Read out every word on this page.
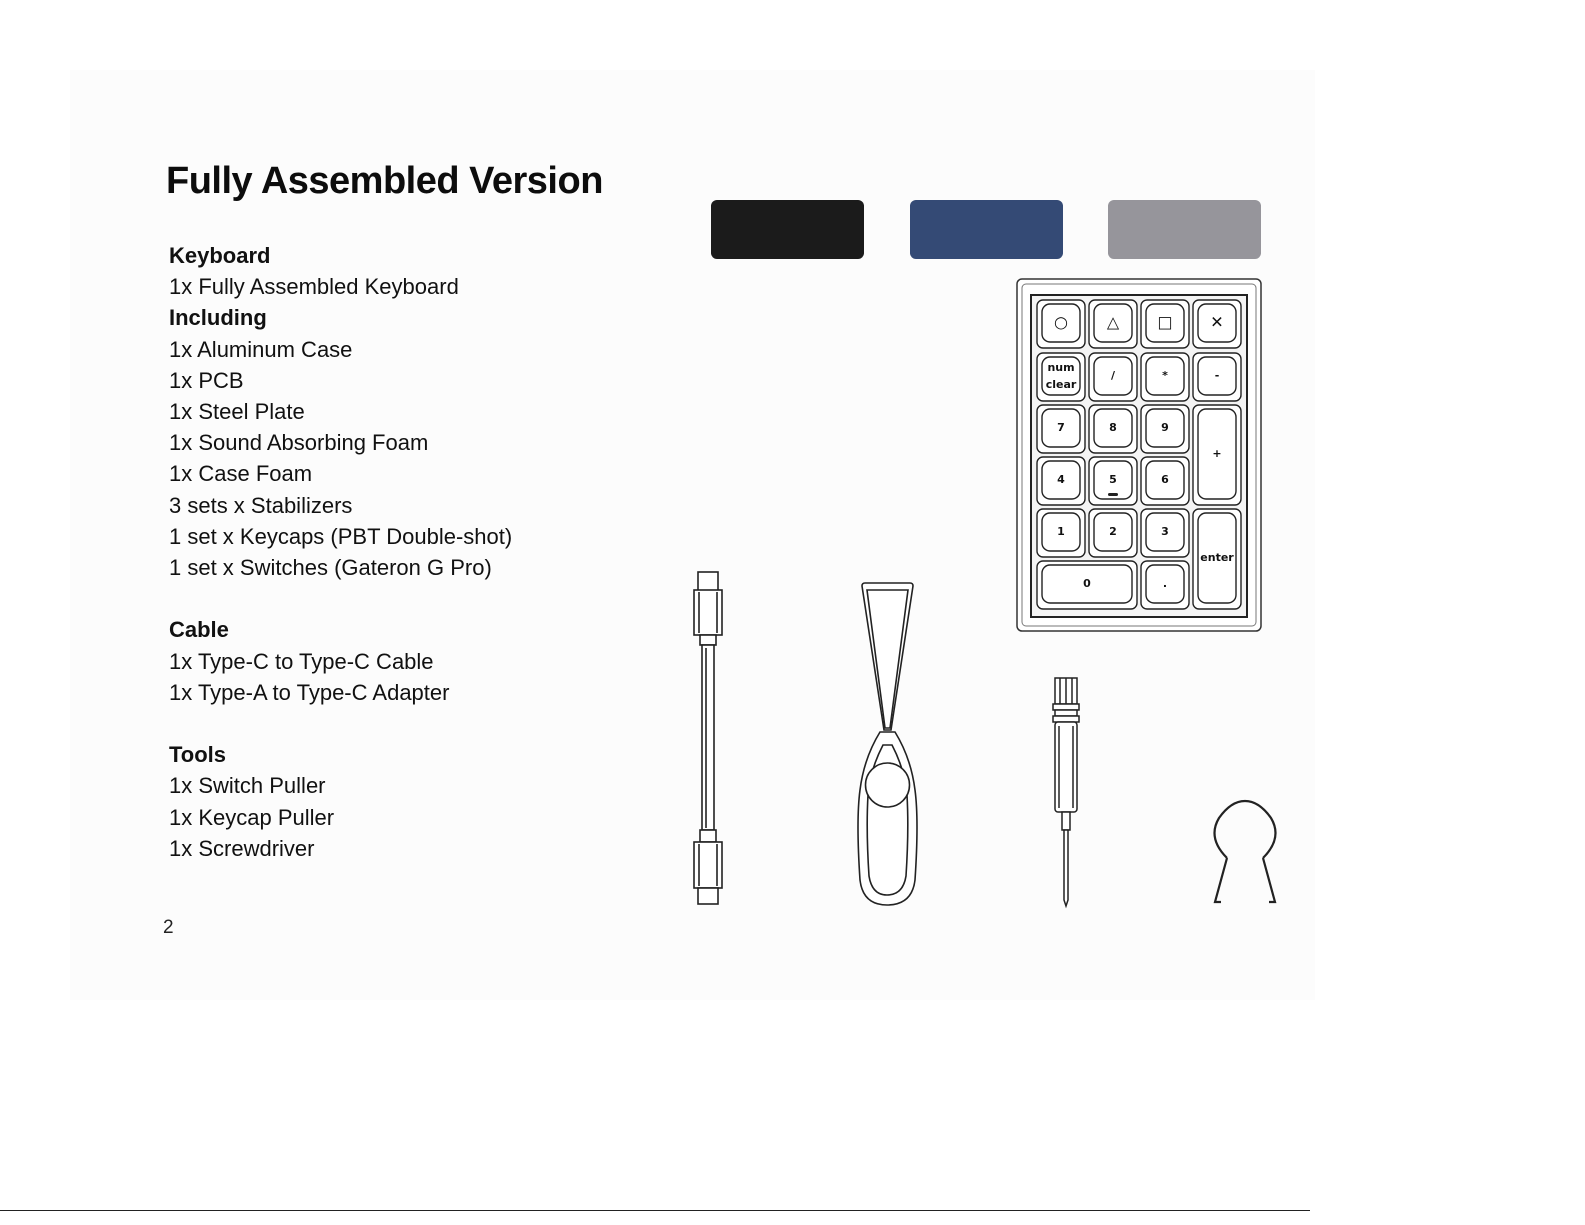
Fully Assembled Version
Keyboard
1x Fully Assembled Keyboard
Including
1x Aluminum Case
1x PCB
1x Steel Plate
1x Sound Absorbing Foam
1x Case Foam
3 sets x Stabilizers
1 set x Keycaps (PBT Double-shot)
1 set x Switches (Gateron G Pro)
Cable
1x Type-C to Type-C Cable
1x Type-A to Type-C Adapter
Tools
1x Switch Puller
1x Keycap Puller
1x Screwdriver
2
○ △ □ ✕
num
clear
/	*	-
7	8	9
+
4	5	6
1	2	3
enter
0	.
